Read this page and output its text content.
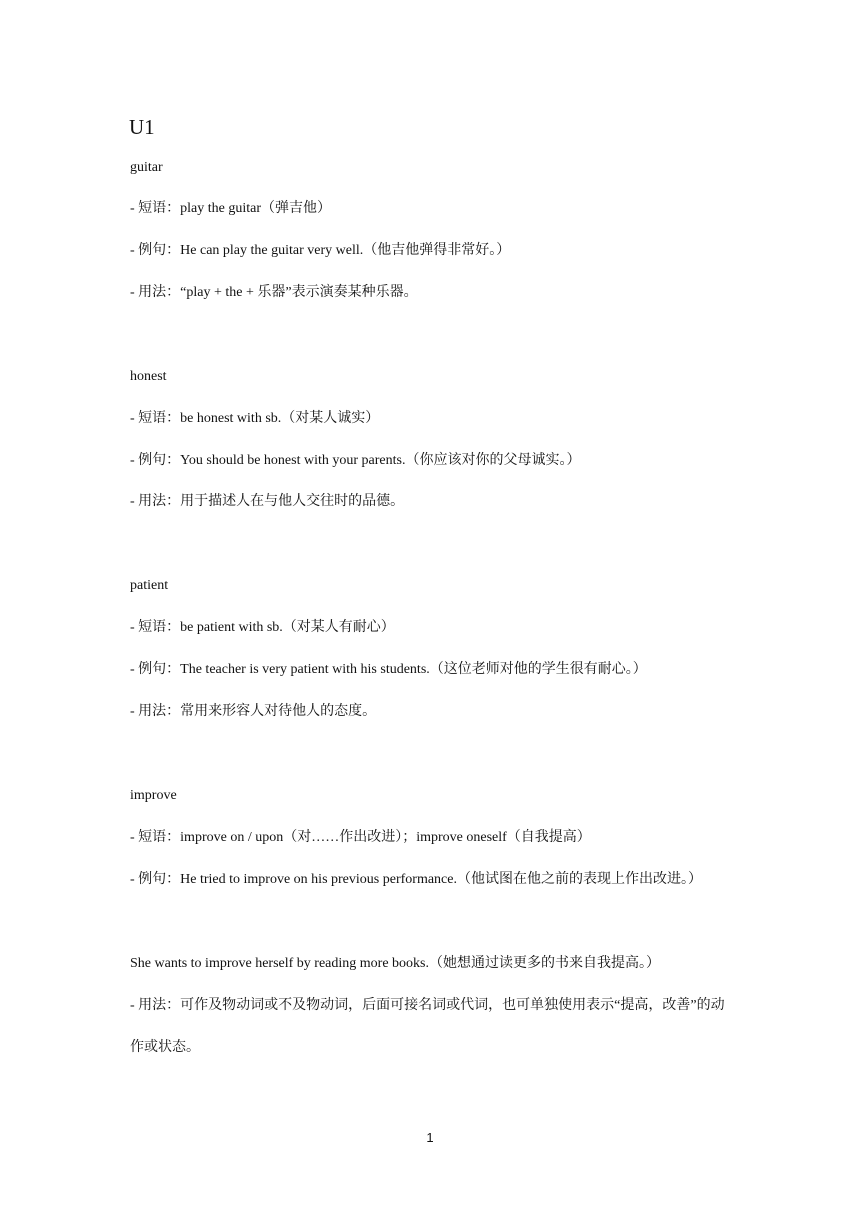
U1
guitar
- 短语：play the guitar（弹吉他）
- 例句：He can play the guitar very well.（他吉他弹得非常好。）
- 用法：“play + the + 乐器”表示演奏某种乐器。
honest
- 短语：be honest with sb.（对某人诚实）
- 例句：You should be honest with your parents.（你应该对你的父母诚实。）
- 用法：用于描述人在与他人交往时的品德。
patient
- 短语：be patient with sb.（对某人有耐心）
- 例句：The teacher is very patient with his students.（这位老师对他的学生很有耐心。）
- 用法：常用来形容人对待他人的态度。
improve
- 短语：improve on / upon（对……作出改进）；improve oneself（自我提高）
- 例句：He tried to improve on his previous performance.（他试图在他之前的表现上作出改进。）
She wants to improve herself by reading more books.（她想通过读更多的书来自我提高。）
- 用法：可作及物动词或不及物动词，后面可接名词或代词，也可单独使用表示“提高，改善”的动作或状态。
1
